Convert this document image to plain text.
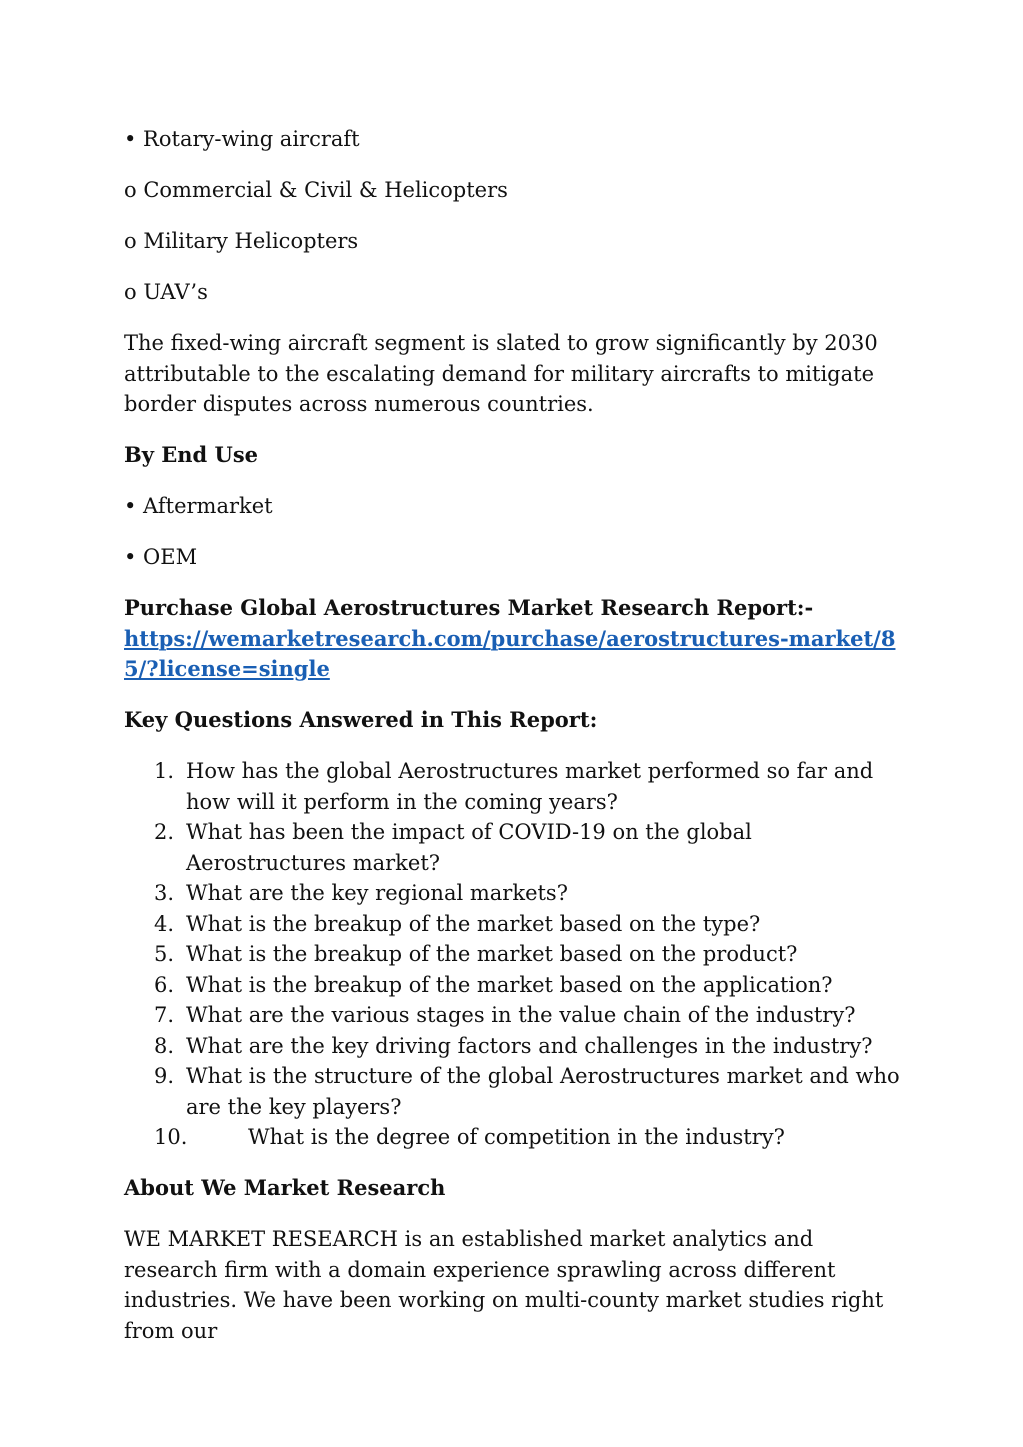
• Rotary-wing aircraft

o Commercial & Civil & Helicopters

o Military Helicopters

o UAV’s

The fixed-wing aircraft segment is slated to grow significantly by 2030 attributable to the escalating demand for military aircrafts to mitigate border disputes across numerous countries.

By End Use

• Aftermarket

• OEM

Purchase Global Aerostructures Market Research Report:-

https://wemarketresearch.com/purchase/aerostructures-market/85/?license=single

Key Questions Answered in This Report:

1. How has the global Aerostructures market performed so far and how will it perform in the coming years?
2. What has been the impact of COVID-19 on the global Aerostructures market?
3. What are the key regional markets?
4. What is the breakup of the market based on the type?
5. What is the breakup of the market based on the product?
6. What is the breakup of the market based on the application?
7. What are the various stages in the value chain of the industry?
8. What are the key driving factors and challenges in the industry?
9. What is the structure of the global Aerostructures market and who are the key players?
10.	What is the degree of competition in the industry?

About We Market Research

WE MARKET RESEARCH is an established market analytics and research firm with a domain experience sprawling across different industries. We have been working on multi-county market studies right from our
